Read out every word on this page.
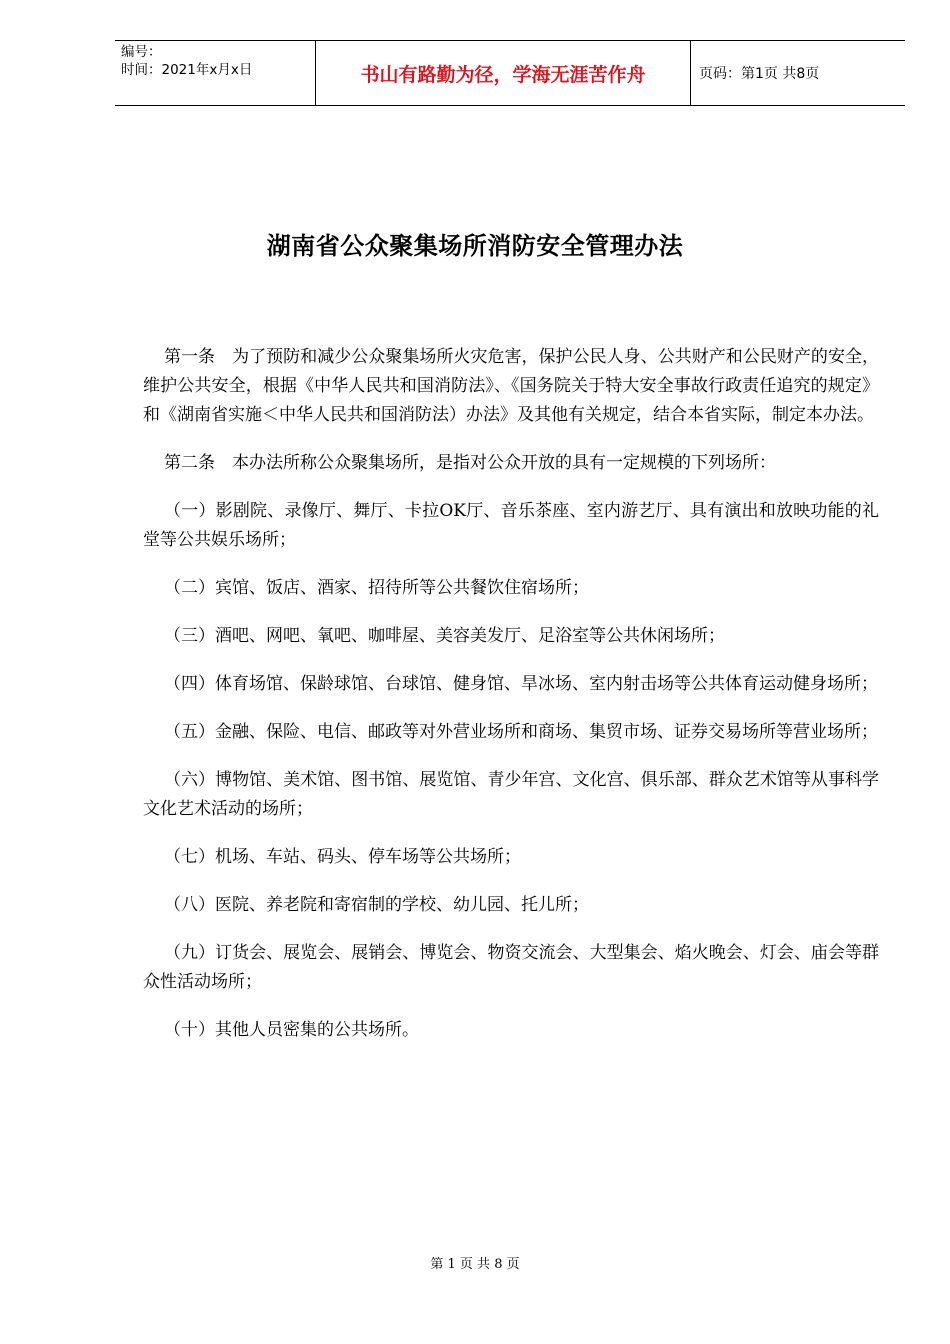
编号：
时间：2021年x月x日	书山有路勤为径，学海无涯苦作舟	页码：第1页 共8页
湖南省公众聚集场所消防安全管理办法

第一条　为了预防和减少公众聚集场所火灾危害，保护公民人身、公共财产和公民财产的安全，维护公共安全，根据《中华人民共和国消防法》、《国务院关于特大安全事故行政责任追究的规定》和《湖南省实施＜中华人民共和国消防法）办法》及其他有关规定，结合本省实际，制定本办法。

第二条　本办法所称公众聚集场所，是指对公众开放的具有一定规模的下列场所：

（一）影剧院、录像厅、舞厅、卡拉OK厅、音乐茶座、室内游艺厅、具有演出和放映功能的礼堂等公共娱乐场所；

（二）宾馆、饭店、酒家、招待所等公共餐饮住宿场所；

（三）酒吧、网吧、氧吧、咖啡屋、美容美发厅、足浴室等公共休闲场所；

（四）体育场馆、保龄球馆、台球馆、健身馆、旱冰场、室内射击场等公共体育运动健身场所；

（五）金融、保险、电信、邮政等对外营业场所和商场、集贸市场、证券交易场所等营业场所；

（六）博物馆、美术馆、图书馆、展览馆、青少年宫、文化宫、俱乐部、群众艺术馆等从事科学文化艺术活动的场所；

（七）机场、车站、码头、停车场等公共场所；

（八）医院、养老院和寄宿制的学校、幼儿园、托儿所；

（九）订货会、展览会、展销会、博览会、物资交流会、大型集会、焰火晚会、灯会、庙会等群众性活动场所；

（十）其他人员密集的公共场所。

第 1 页 共 8 页
